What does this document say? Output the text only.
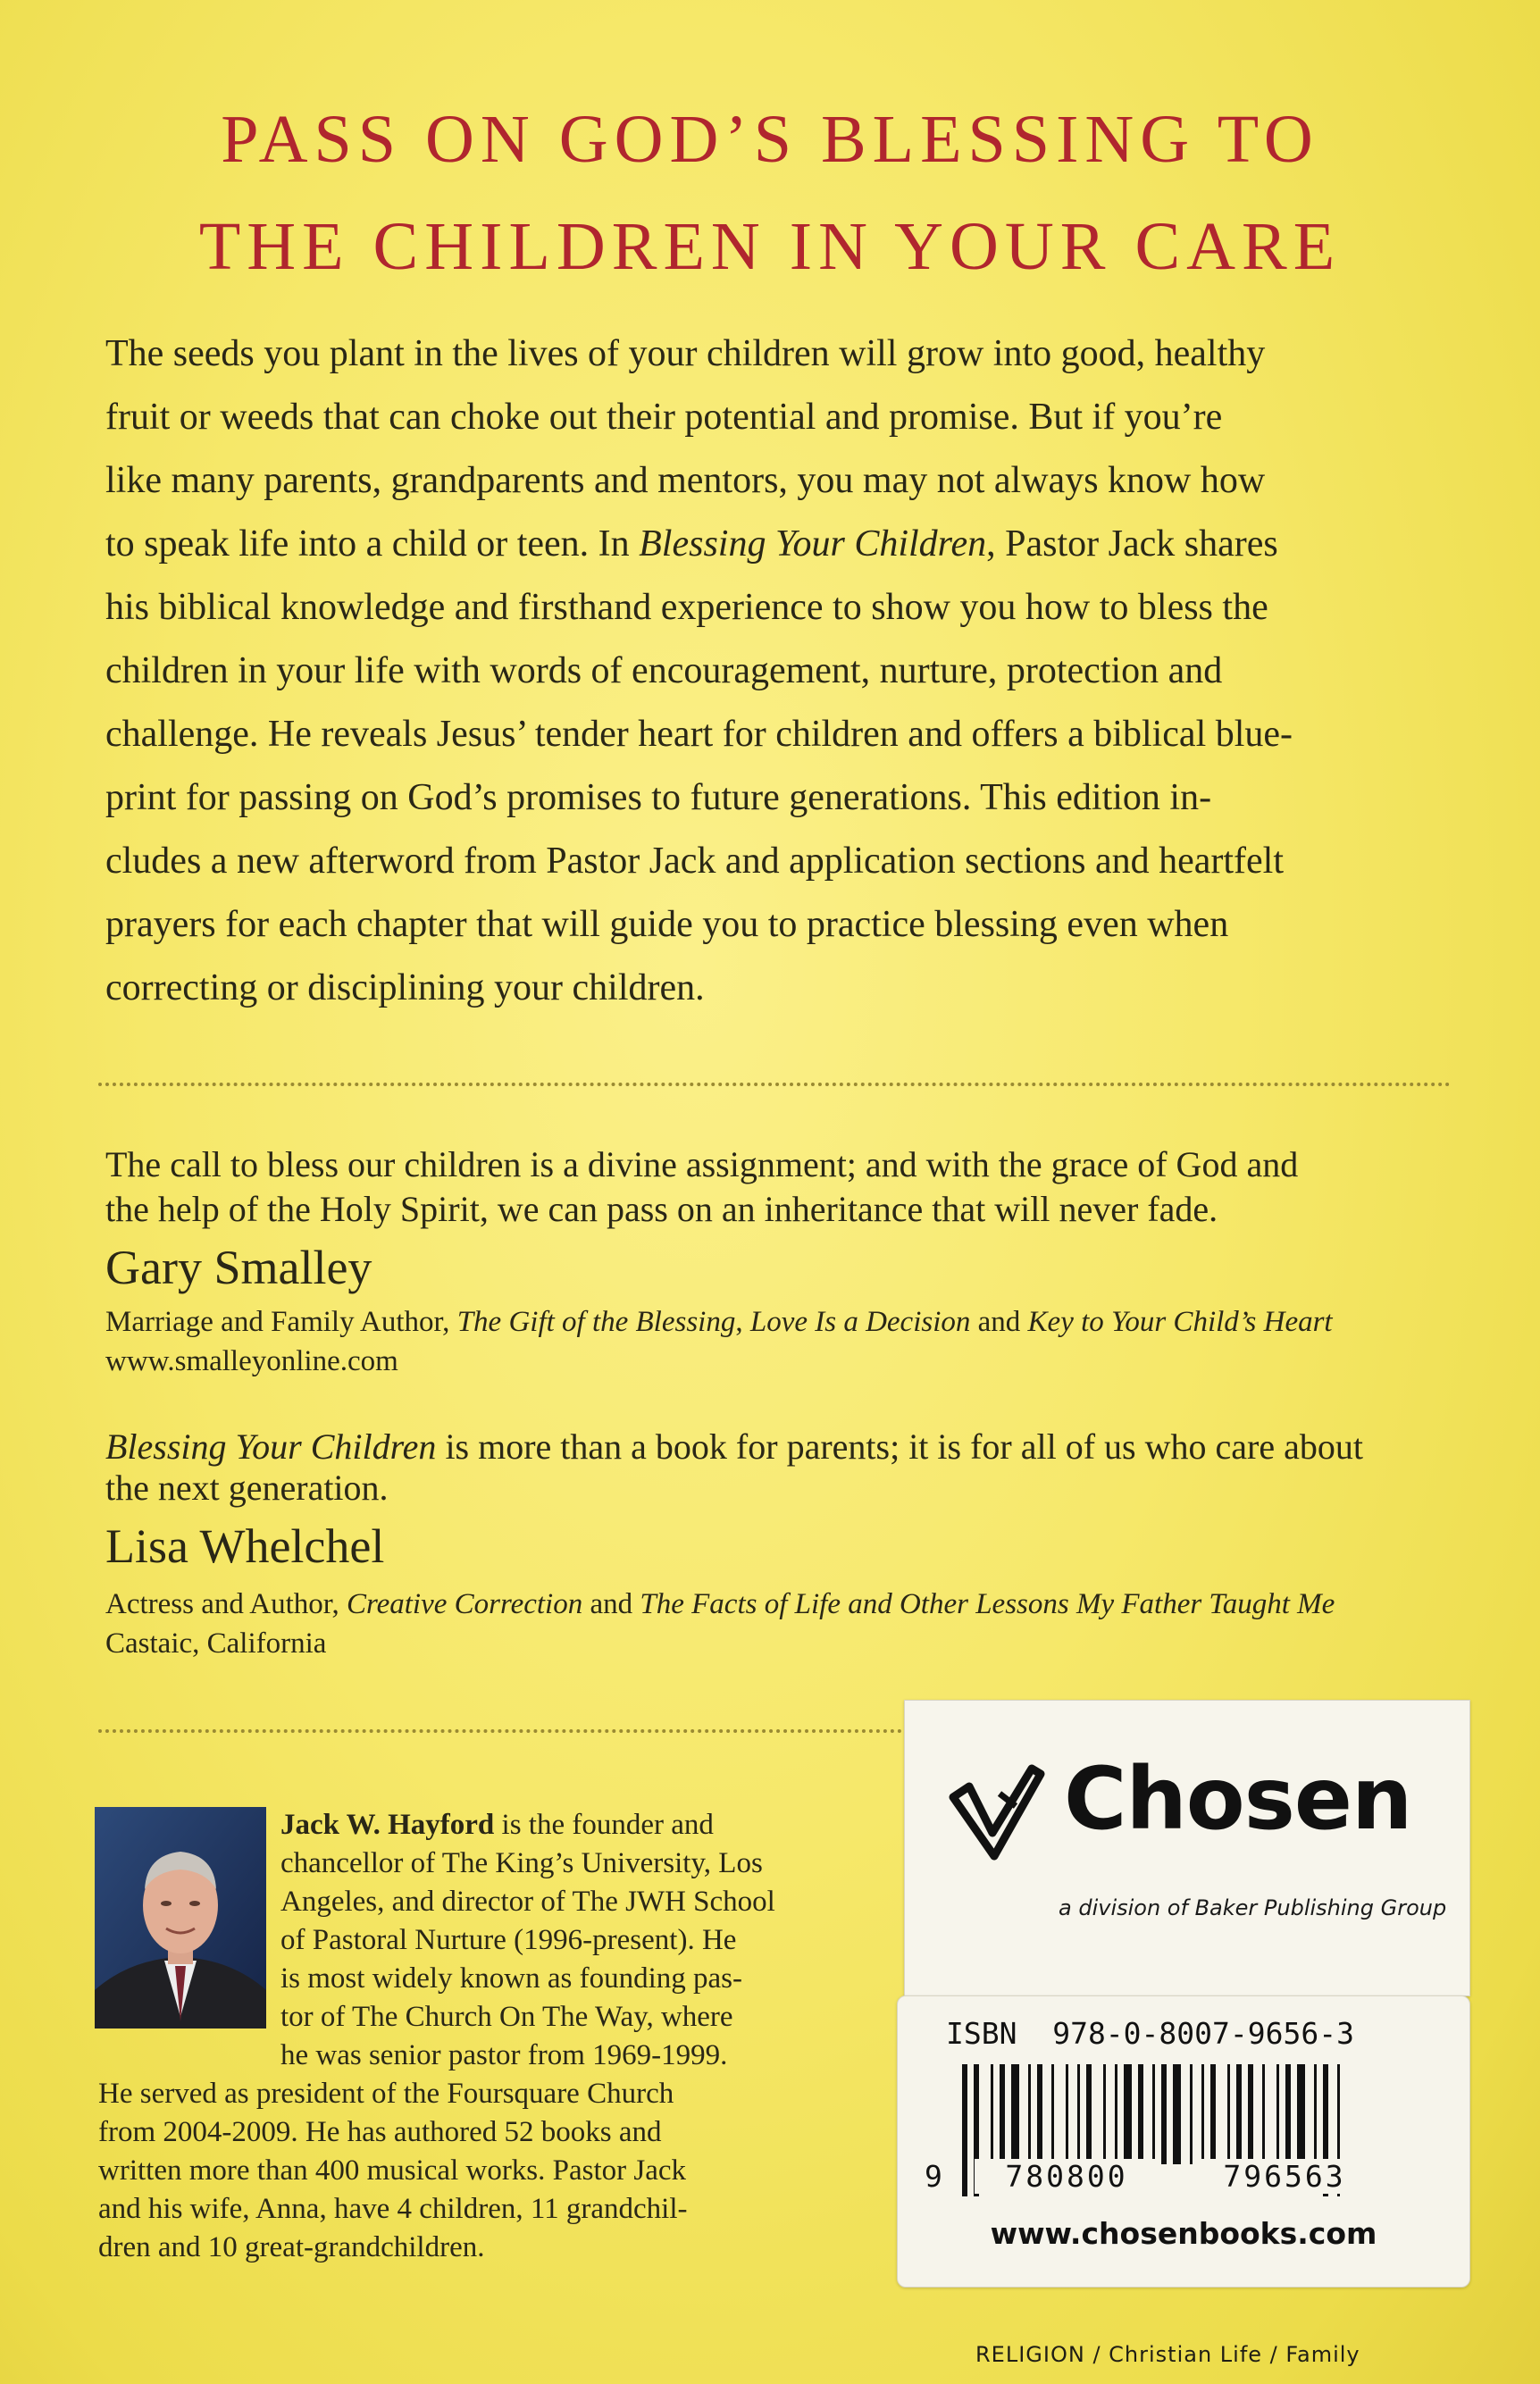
PASS ON GOD’S BLESSING TO
THE CHILDREN IN YOUR CARE
The seeds you plant in the lives of your children will grow into good, healthy
fruit or weeds that can choke out their potential and promise. But if you’re
like many parents, grandparents and mentors, you may not always know how
to speak life into a child or teen. In Blessing Your Children, Pastor Jack shares
his biblical knowledge and firsthand experience to show you how to bless the
children in your life with words of encouragement, nurture, protection and
challenge. He reveals Jesus’ tender heart for children and offers a biblical blue-
print for passing on God’s promises to future generations. This edition in-
cludes a new afterword from Pastor Jack and application sections and heartfelt
prayers for each chapter that will guide you to practice blessing even when
correcting or disciplining your children.
The call to bless our children is a divine assignment; and with the grace of God and
the help of the Holy Spirit, we can pass on an inheritance that will never fade.
Gary Smalley
Marriage and Family Author, The Gift of the Blessing, Love Is a Decision and Key to Your Child’s Heart
www.smalleyonline.com
Blessing Your Children is more than a book for parents; it is for all of us who care about
the next generation.
Lisa Whelchel
Actress and Author, Creative Correction and The Facts of Life and Other Lessons My Father Taught Me
Castaic, California
Jack W. Hayford is the founder and
chancellor of The King’s University, Los
Angeles, and director of The JWH School
of Pastoral Nurture (1996-present). He
is most widely known as founding pas-
tor of The Church On The Way, where
he was senior pastor from 1969-1999.
He served as president of the Foursquare Church
from 2004-2009. He has authored 52 books and
written more than 400 musical works. Pastor Jack
and his wife, Anna, have 4 children, 11 grandchil-
dren and 10 great-grandchildren.
Chosen
a division of Baker Publishing Group
ISBN  978-0-8007-9656-3
9	780800	796563
www.chosenbooks.com
RELIGION / Christian Life / Family
